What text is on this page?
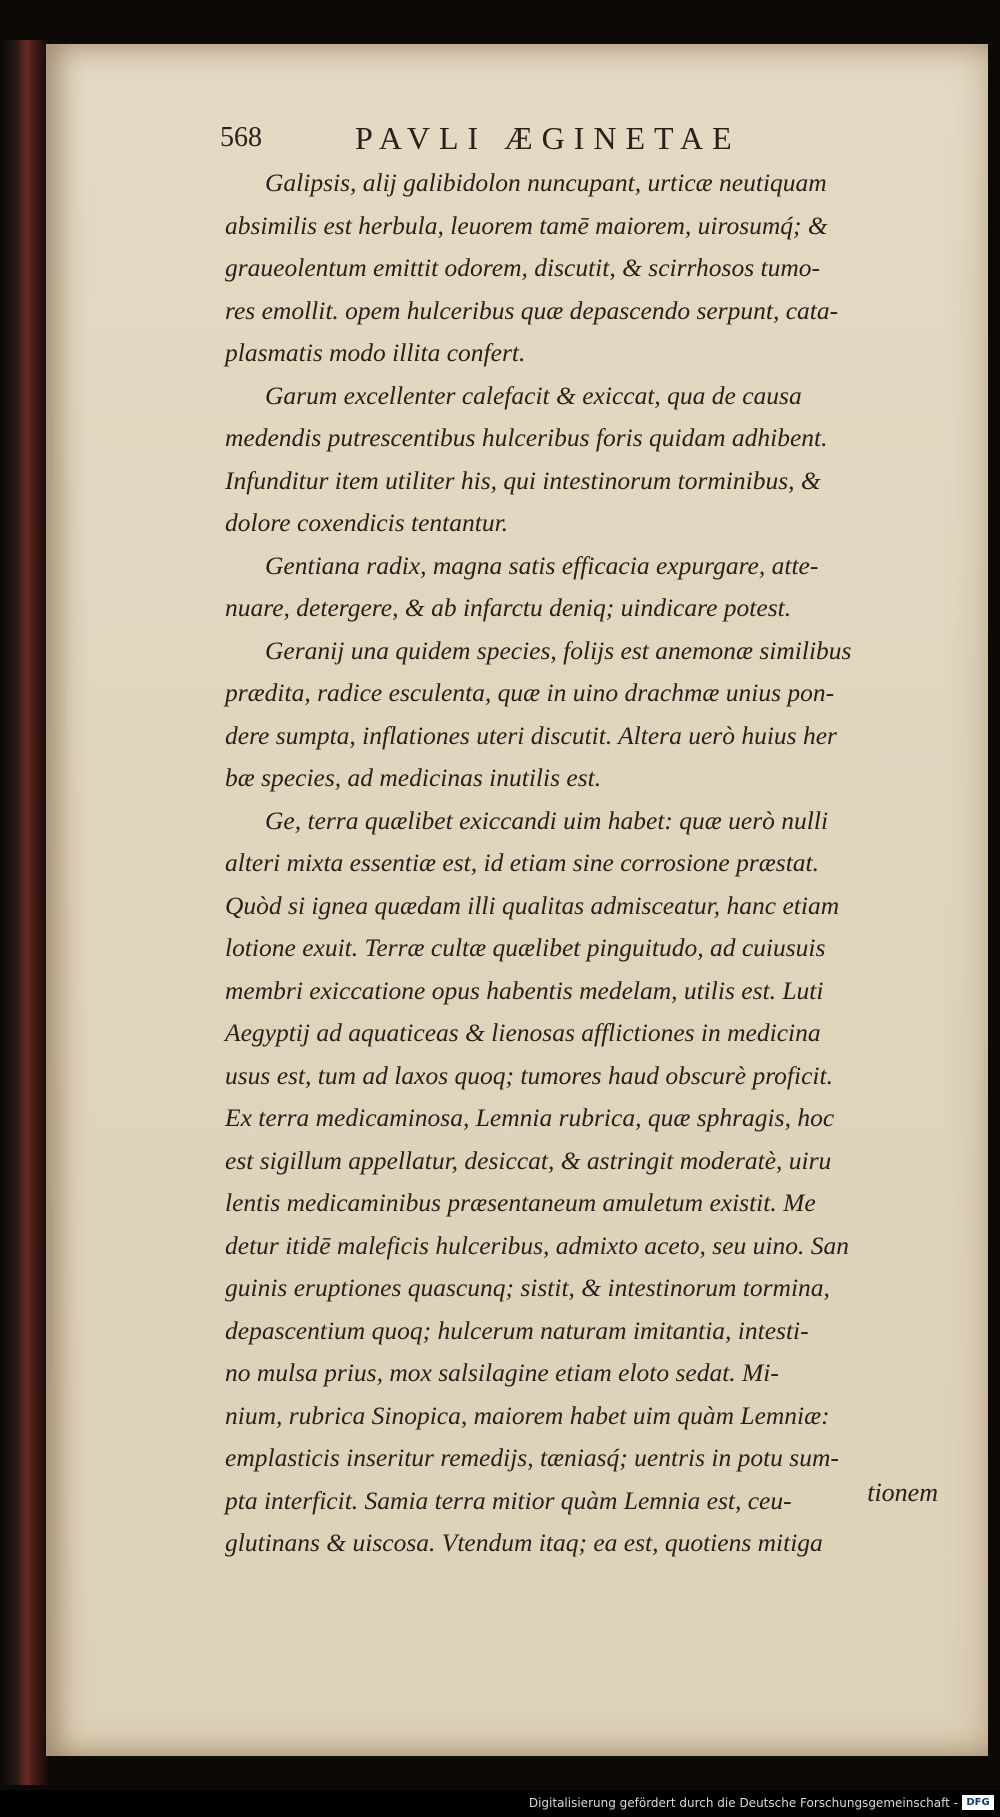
568	PAVLI ÆGINETAE
Galipsis, alij galibidolon nuncupant, urticæ neutiquam
absimilis est herbula, leuorem tamē maiorem, uirosumq́; &
graueolentum emittit odorem, discutit, & scirrhosos tumo-
res emollit. opem hulceribus quæ depascendo serpunt, cata-
plasmatis modo illita confert.
Garum excellenter calefacit & exiccat, qua de causa
medendis putrescentibus hulceribus foris quidam adhibent.
Infunditur item utiliter his, qui intestinorum torminibus, &
dolore coxendicis tentantur.
Gentiana radix, magna satis efficacia expurgare, atte-
nuare, detergere, & ab infarctu deniq; uindicare potest.
Geranij una quidem species, folijs est anemonæ similibus
prædita, radice esculenta, quæ in uino drachmæ unius pon-
dere sumpta, inflationes uteri discutit. Altera uerò huius her
bæ species, ad medicinas inutilis est.
Ge, terra quælibet exiccandi uim habet: quæ uerò nulli
alteri mixta essentiæ est, id etiam sine corrosione præstat.
Quòd si ignea quædam illi qualitas admisceatur, hanc etiam
lotione exuit. Terræ cultæ quælibet pinguitudo, ad cuiusuis
membri exiccatione opus habentis medelam, utilis est. Luti
Aegyptij ad aquaticeas & lienosas afflictiones in medicina
usus est, tum ad laxos quoq; tumores haud obscurè proficit.
Ex terra medicaminosa, Lemnia rubrica, quæ sphragis, hoc
est sigillum appellatur, desiccat, & astringit moderatè, uiru
lentis medicaminibus præsentaneum amuletum existit. Me
detur itidē maleficis hulceribus, admixto aceto, seu uino. San
guinis eruptiones quascunq; sistit, & intestinorum tormina,
depascentium quoq; hulcerum naturam imitantia, intesti-
no mulsa prius, mox salsilagine etiam eloto sedat. Mi-
nium, rubrica Sinopica, maiorem habet uim quàm Lemniæ:
emplasticis inseritur remedijs, tæniasq́; uentris in potu sum-
pta interficit. Samia terra mitior quàm Lemnia est, ceu-
glutinans & uiscosa. Vtendum itaq; ea est, quotiens mitiga
tionem
Digitalisierung gefördert durch die Deutsche Forschungsgemeinschaft - DFG
